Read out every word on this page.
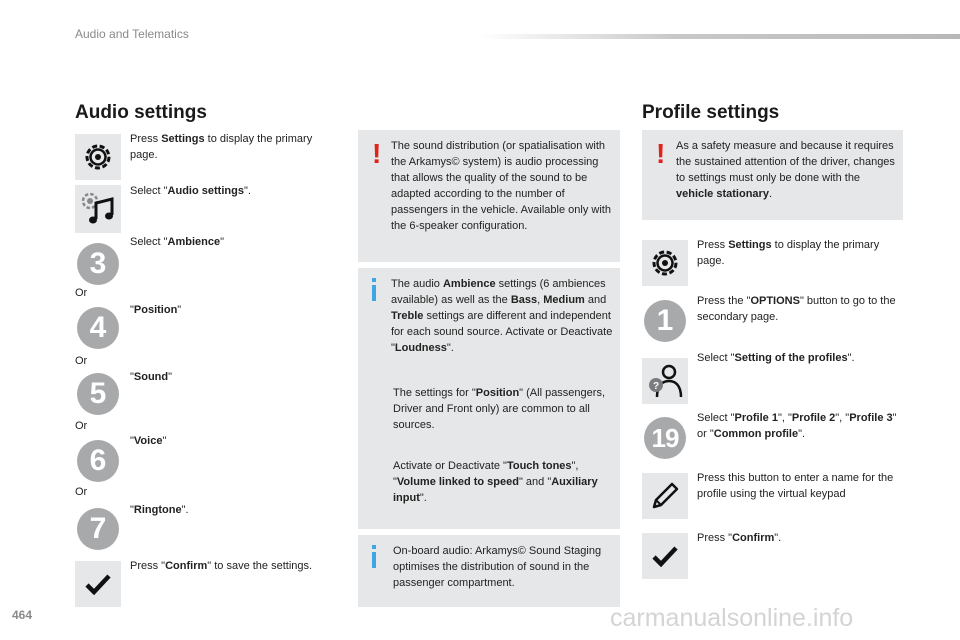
Audio and Telematics
Audio settings
Press Settings to display the primary page.
Select "Audio settings".
3
Select "Ambience"
Or
4
"Position"
Or
5	"Sound"
Or
6
"Voice"
Or
7
"Ringtone".
Press "Confirm" to save the settings.
! The sound distribution (or spatialisation with the Arkamys© system) is audio processing that allows the quality of the sound to be adapted according to the number of passengers in the vehicle. Available only with the 6-speaker configuration.
The audio Ambience settings (6 ambiences available) as well as the Bass, Medium and Treble settings are different and independent for each sound source. Activate or Deactivate "Loudness".
The settings for "Position" (All passengers, Driver and Front only) are common to all sources.
Activate or Deactivate "Touch tones", "Volume linked to speed" and "Auxiliary input".
On-board audio: Arkamys© Sound Staging optimises the distribution of sound in the passenger compartment.
Profile settings
! As a safety measure and because it requires the sustained attention of the driver, changes to settings must only be done with the vehicle stationary.
Press Settings to display the primary page.
1
Press the "OPTIONS" button to go to the secondary page.
?
Select "Setting of the profiles".
19
Select "Profile 1", "Profile 2", "Profile 3" or "Common profile".
Press this button to enter a name for the profile using the virtual keypad
Press "Confirm".
464	carmanualsonline.info
